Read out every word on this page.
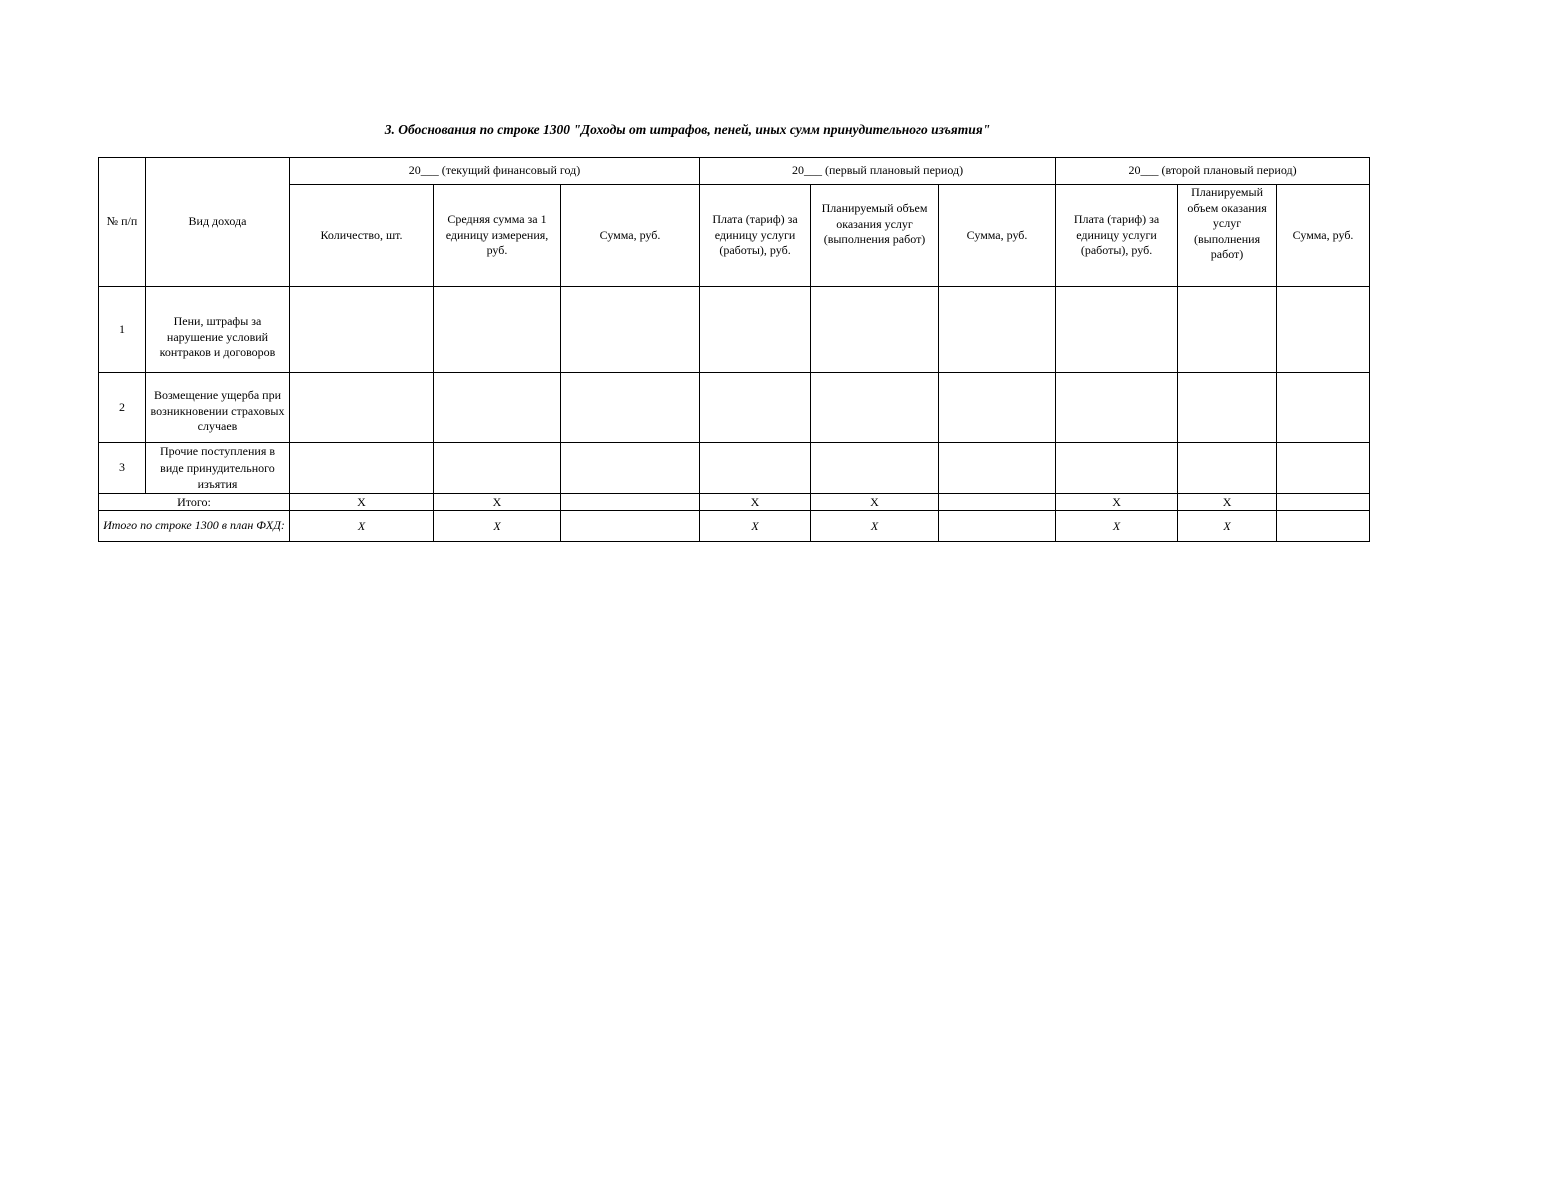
3. Обоснования по строке 1300 "Доходы от штрафов, пеней, иных сумм принудительного изъятия"
№ п/п	Вид дохода	20___ (текущий финансовый год)			20___ (первый плановый период)			20___ (второй плановый период)		
		Количество, шт.	Средняя сумма за 1 единицу измерения, руб.	Сумма, руб.	Плата (тариф) за единицу услуги (работы), руб.	Планируемый объем оказания услуг (выполнения работ)	Сумма, руб.	Плата (тариф) за единицу услуги (работы), руб.	Планируемый объем оказания услуг (выполнения работ)	Сумма, руб.
1	Пени, штрафы за нарушение условий контраков и договоров									
2	Возмещение ущерба при возникновении страховых случаев									
3	Прочие поступления в виде принудительного изъятия									
Итого:		X	X		X	X		X	X	
Итого по строке 1300 в план ФХД:		X	X		X	X		X	X	
